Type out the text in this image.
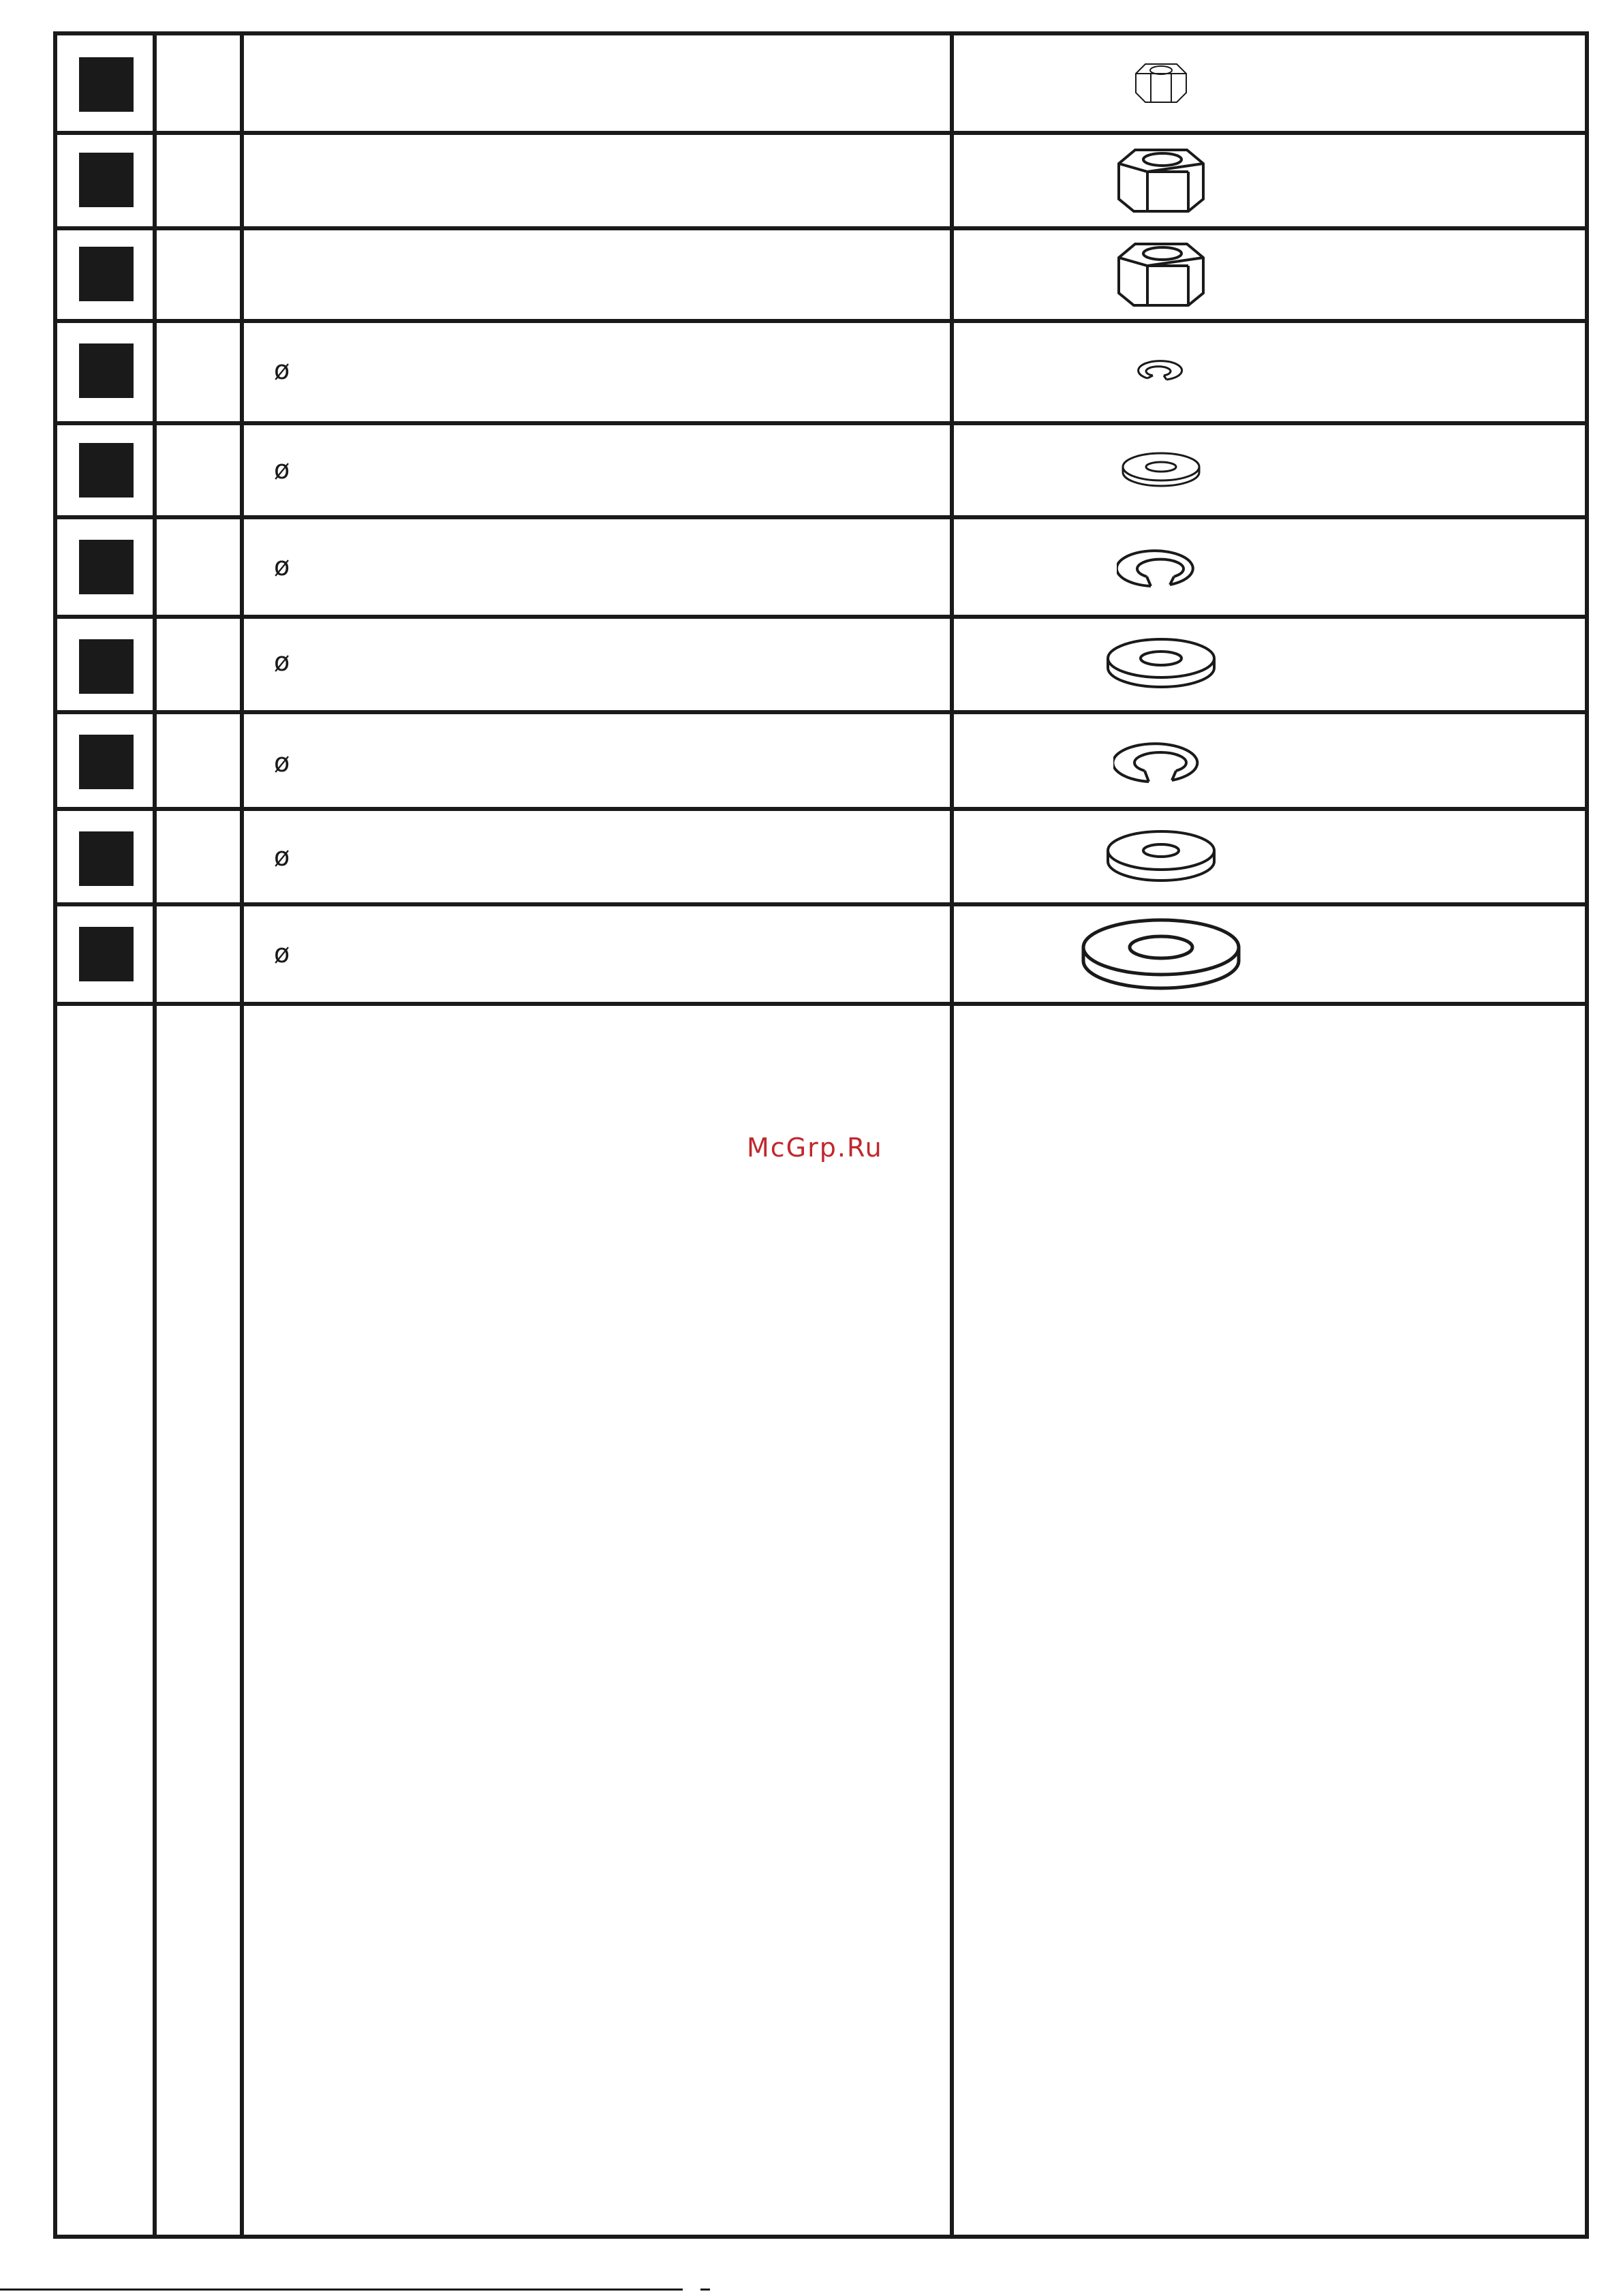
ø
ø
ø
ø
ø
ø
ø
McGrp.Ru
